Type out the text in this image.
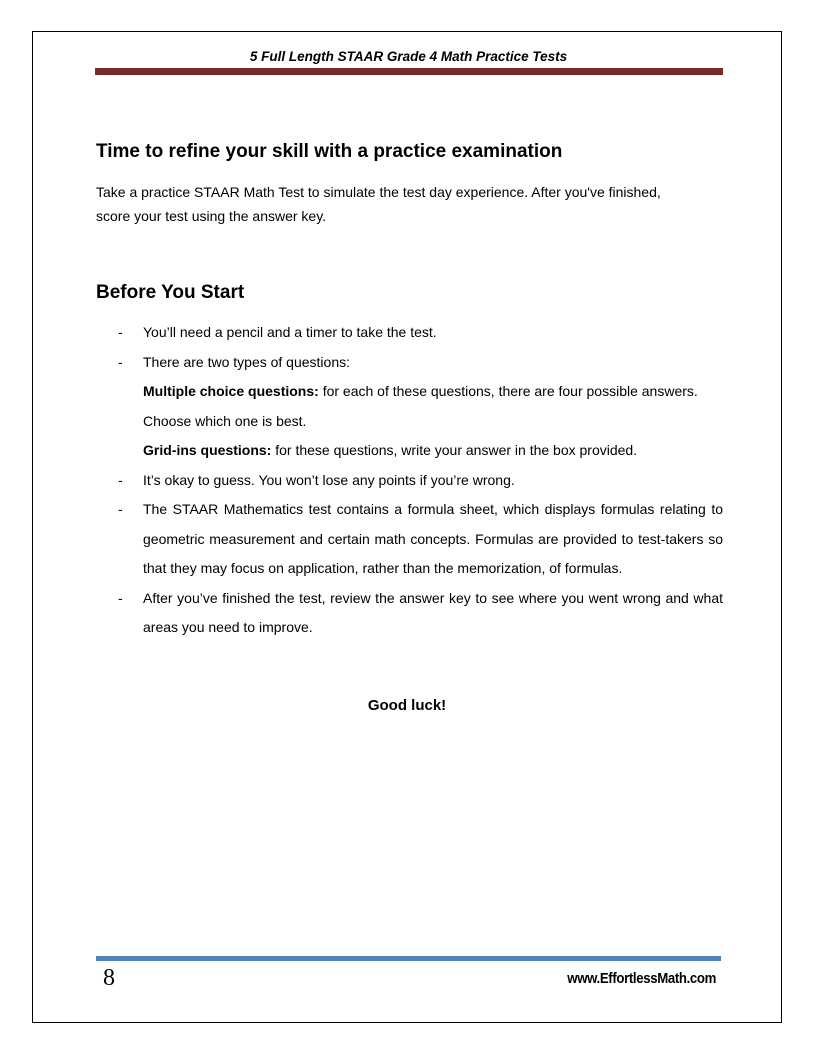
5 Full Length STAAR Grade 4 Math Practice Tests
Time to refine your skill with a practice examination
Take a practice STAAR Math Test to simulate the test day experience. After you've finished,
score your test using the answer key.
Before You Start
-	You’ll need a pencil and a timer to take the test.
-	There are two types of questions:
Multiple choice questions: for each of these questions, there are four possible answers.
Choose which one is best.
Grid-ins questions: for these questions, write your answer in the box provided.
-	It’s okay to guess. You won’t lose any points if you’re wrong.
-	The STAAR Mathematics test contains a formula sheet, which displays formulas relating to geometric measurement and certain math concepts. Formulas are provided to test-takers so that they may focus on application, rather than the memorization, of formulas.
-	After you’ve finished the test, review the answer key to see where you went wrong and what areas you need to improve.
Good luck!
8	www.EffortlessMath.com
